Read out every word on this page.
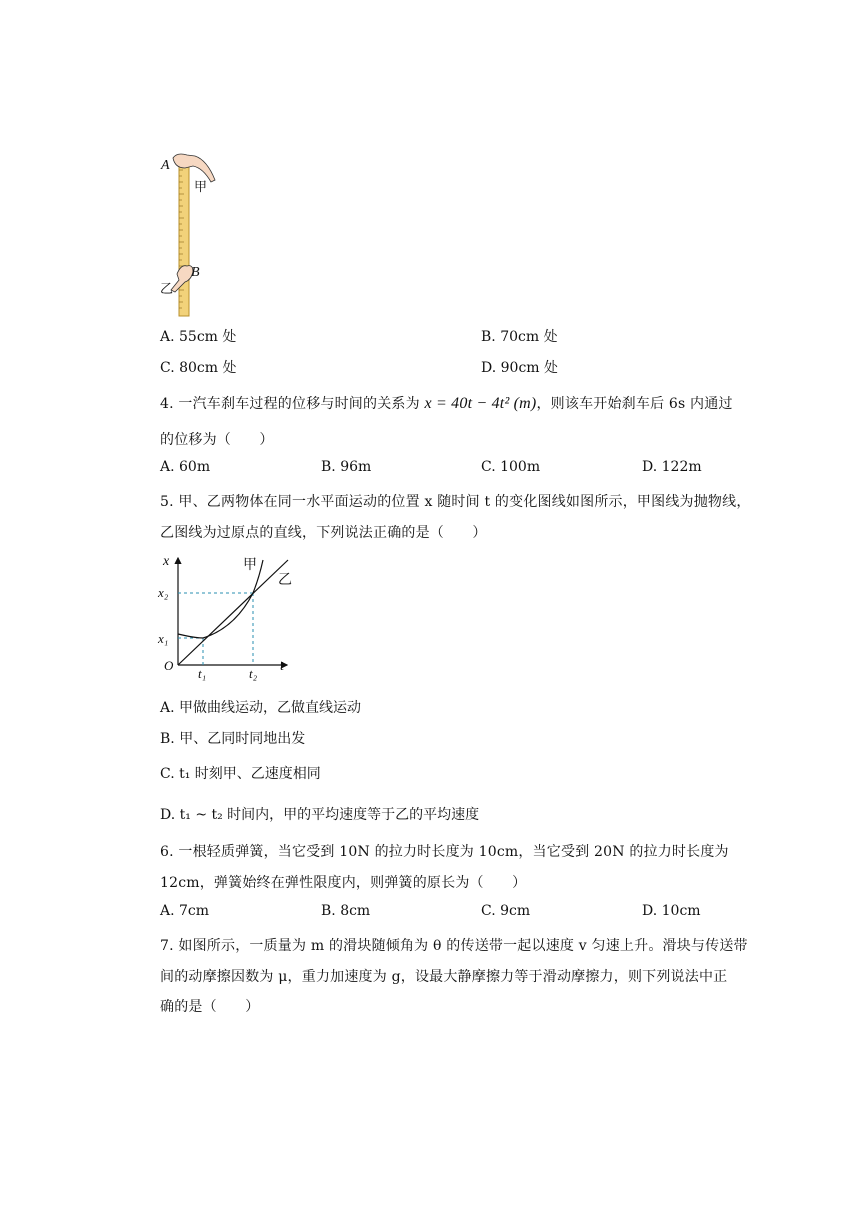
A
甲
B
乙
A. 55cm 处	B. 70cm 处
C. 80cm 处	D. 90cm 处
4. 一汽车刹车过程的位移与时间的关系为 x = 40t − 4t² (m)，则该车开始刹车后 6s 内通过
的位移为（　　）
A. 60m	B. 96m	C. 100m	D. 122m
5. 甲、乙两物体在同一水平面运动的位置 x 随时间 t 的变化图线如图所示，甲图线为抛物线，
乙图线为过原点的直线，下列说法正确的是（　　）
x	甲
乙
x₂
x₁
O
t₁	t₂ t
A. 甲做曲线运动，乙做直线运动
B. 甲、乙同时同地出发
C. t₁ 时刻甲、乙速度相同
D. t₁ ~ t₂ 时间内，甲的平均速度等于乙的平均速度
6. 一根轻质弹簧，当它受到 10N 的拉力时长度为 10cm，当它受到 20N 的拉力时长度为
12cm，弹簧始终在弹性限度内，则弹簧的原长为（　　）
A. 7cm	B. 8cm	C. 9cm	D. 10cm
7. 如图所示，一质量为 m 的滑块随倾角为 θ 的传送带一起以速度 v 匀速上升。滑块与传送带
间的动摩擦因数为 μ，重力加速度为 g，设最大静摩擦力等于滑动摩擦力，则下列说法中正
确的是（　　）
